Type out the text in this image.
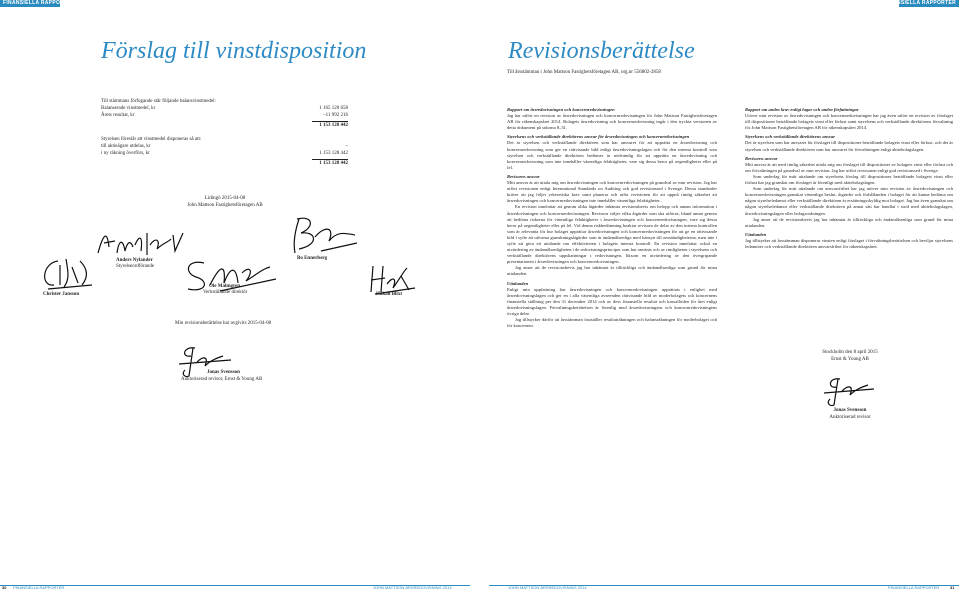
FINANSIELLA RAPPORTER	FINANSIELLA RAPPORTER
Förslag till vinstdisposition
Till stämmans förfogande står följande balansvinstmedel:
Balanserade vinstmedel, kr	1 165 120 658
Årets resultat, kr	–11 992 216
1 153 128 442
Styrelsen föreslår att vinstmedel disponeras så att:
till aktieägare utdelas, kr	–
i ny räkning överförs, kr	1 153 128 442
1 153 128 442
Lidingö 2015-04-08
John Mattson Fastighetsföretagen AB
Christer Jansson
Anders Nylander
Styrelseordförande
Bo Ennerberg
Ole Malmgren
Verkställande direktör	Håkan Blixt
Min revisionsberättelse har avgivits 2015-04-08
Jonas Svensson
Auktoriserad revisor, Ernst & Young AB
Revisionsberättelse
Till årsstämman i John Mattson Fastighetsföretagen AB, org.nr 556802-2858

Rapport om årsredovisningen och koncernredovisningen

Jag har utfört en revision av årsredovisningen och koncernredovisningen för John Mattson Fastighetsföretagen AB för räkenskapsåret 2014. Bolagets årsredovisning och koncernredovisning ingår i den tryckta versionen av detta dokument på sidorna 8–31.

Styrelsens och verkställande direktörens ansvar för årsredovisningen och koncernredovisningen

Det är styrelsen och verkställande direktören som har ansvaret för att upprätta en årsredovisning och koncernredovisning som ger en rättvisande bild enligt årsredovisningslagen och för den interna kontroll som styrelsen och verkställande direktören bedömer är nödvändig för att upprätta en årsredovisning och koncernredovisning som inte innehåller väsentliga felaktigheter, vare sig dessa beror på oegentligheter eller på fel.

Revisorns ansvar

Mitt ansvar är att uttala mig om årsredovisningen och koncernredovisningen på grundval av min revision. Jag har utfört revisionen enligt International Standards on Auditing och god revisionssed i Sverige. Dessa standarder kräver att jag följer yrkesetiska krav samt planerar och utför revisionen för att uppnå rimlig säkerhet att årsredovisningen och koncernredovisningen inte innehåller väsentliga felaktigheter.

En revision innefattar att genom olika åtgärder inhämta revisionsbevis om belopp och annan information i årsredovisningen och koncernredovisningen. Revisorn väljer vilka åtgärder som ska utföras, bland annat genom att bedöma riskerna för väsentliga felaktigheter i årsredovisningen och koncernredovisningen, vare sig dessa beror på oegentligheter eller på fel. Vid denna riskbedömning beaktar revisorn de delar av den interna kontrollen som är relevanta för hur bolaget upprättar årsredovisningen och koncernredovisningen för att ge en rättvisande bild i syfte att utforma granskningsåtgärder som är ändamålsenliga med hänsyn till omständigheterna, men inte i syfte att göra ett uttalande om effektiviteten i bolagets interna kontroll. En revision innefattar också en utvärdering av ändamålsenligheten i de redovisningsprinciper som har använts och av rimligheten i styrelsens och verkställande direktörens uppskattningar i redovisningen, liksom en utvärdering av den övergripande presentationen i årsredovisningen och koncernredovisningen.

Jag anser att de revisionsbevis jag har inhämtat är tillräckliga och ändamålsenliga som grund för mina uttalanden.

Uttalanden

Enligt min uppfattning har årsredovisningen och koncernredovisningen upprättats i enlighet med årsredovisningslagen och ger en i alla väsentliga avseenden rättvisande bild av moderbolagets och koncernens finansiella ställning per den 31 december 2014 och av dess finansiella resultat och kassaflöden för året enligt årsredovisningslagen. Förvaltningsberättelsen är förenlig med årsredovisningens och koncernredovisningens övriga delar.

Jag tillstyrker därför att årsstämman fastställer resultaträkningen och balansräkningen för moderbolaget och för koncernen.

Rapport om andra krav enligt lagar och andra författningar

Utöver min revision av årsredovisningen och koncernredovisningen har jag även utfört en revision av förslaget till dispositioner beträffande bolagets vinst eller förlust samt styrelsens och verkställande direktörens förvaltning för John Mattson Fastighetsföretagen AB för räkenskapsåret 2014.

Styrelsens och verkställande direktörens ansvar

Det är styrelsen som har ansvaret för förslaget till dispositioner beträffande bolagets vinst eller förlust, och det är styrelsen och verkställande direktören som har ansvaret för förvaltningen enligt aktiebolagslagen.

Revisorns ansvar

Mitt ansvar är att med rimlig säkerhet uttala mig om förslaget till dispositioner av bolagets vinst eller förlust och om förvaltningen på grundval av min revision. Jag har utfört revisionen enligt god revisionssed i Sverige.

Som underlag för mitt uttalande om styrelsens förslag till dispositioner beträffande bolagets vinst eller förlust har jag granskat om förslaget är förenligt med aktiebolagslagen.

Som underlag för mitt uttalande om ansvarsfrihet har jag utöver min revision av årsredovisningen och koncernredovisningen granskat väsentliga beslut, åtgärder och förhållanden i bolaget för att kunna bedöma om någon styrelseledamot eller verkställande direktören är ersättningsskyldig mot bolaget. Jag har även granskat om någon styrelseledamot eller verkställande direktören på annat sätt har handlat i strid med aktiebolagslagen, årsredovisningslagen eller bolagsordningen.

Jag anser att de revisionsbevis jag har inhämtat är tillräckliga och ändamålsenliga som grund för mina uttalanden.

Uttalanden

Jag tillstyrker att årsstämman disponerar vinsten enligt förslaget i förvaltningsberättelsen och beviljar styrelsens ledamöter och verkställande direktören ansvarsfrihet för räkenskapsåret.

Stockholm den 8 april 2015
Ernst & Young AB
Jonas Svensson
Auktoriserad revisor
30 FINANSIELLA RAPPORTER	JOHN MATTSON ÅRSREDOVISNING 2014	JOHN MATTSON ÅRSREDOVISNING 2014	FINANSIELLA RAPPORTER	31
